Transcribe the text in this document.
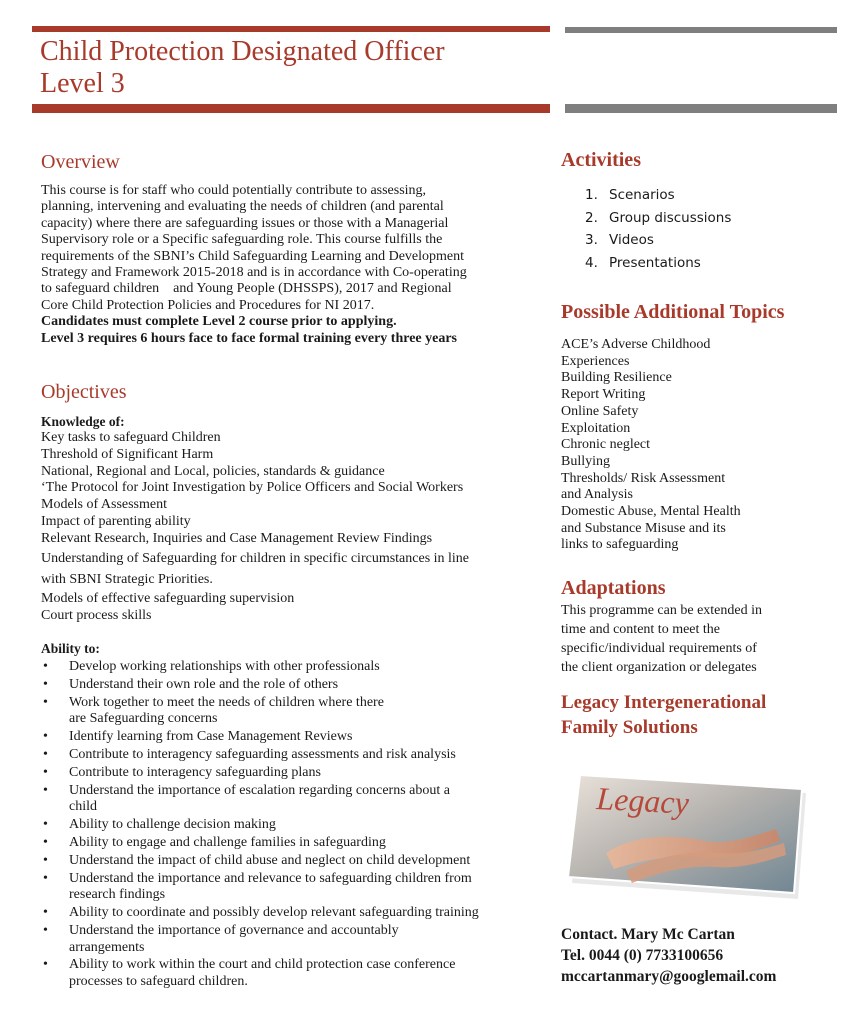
Child Protection Designated Officer
Level 3
Overview
This course is for staff who could potentially contribute to assessing,
planning, intervening and evaluating the needs of children (and parental
capacity) where there are safeguarding issues or those with a Managerial
Supervisory role or a Specific safeguarding role. This course fulfills the
requirements of the SBNI’s Child Safeguarding Learning and Development
Strategy and Framework 2015-2018 and is in accordance with Co-operating
to safeguard children    and Young People (DHSSPS), 2017 and Regional
Core Child Protection Policies and Procedures for NI 2017.
Candidates must complete Level 2 course prior to applying.
Level 3 requires 6 hours face to face formal training every three years
Objectives
Knowledge of:
Key tasks to safeguard Children
Threshold of Significant Harm
National, Regional and Local, policies, standards & guidance
‘The Protocol for Joint Investigation by Police Officers and Social Workers
Models of Assessment
Impact of parenting ability
Relevant Research, Inquiries and Case Management Review Findings
Understanding of Safeguarding for children in specific circumstances in line
with SBNI Strategic Priorities.
Models of effective safeguarding supervision
Court process skills
Ability to:
• Develop working relationships with other professionals
• Understand their own role and the role of others
• Work together to meet the needs of children where there
are Safeguarding concerns
• Identify learning from Case Management Reviews
• Contribute to interagency safeguarding assessments and risk analysis
• Contribute to interagency safeguarding plans
• Understand the importance of escalation regarding concerns about a
child
• Ability to challenge decision making
• Ability to engage and challenge families in safeguarding
• Understand the impact of child abuse and neglect on child development
• Understand the importance and relevance to safeguarding children from
research findings
• Ability to coordinate and possibly develop relevant safeguarding training
• Understand the importance of governance and accountably
arrangements
• Ability to work within the court and child protection case conference
processes to safeguard children.
Activities
1. Scenarios
2. Group discussions
3. Videos
4. Presentations
Possible Additional Topics
ACE’s Adverse Childhood
Experiences
Building Resilience
Report Writing
Online Safety
Exploitation
Chronic neglect
Bullying
Thresholds/ Risk Assessment
and Analysis
Domestic Abuse, Mental Health
and Substance Misuse and its
links to safeguarding
Adaptations
This programme can be extended in
time and content to meet the
specific/individual requirements of
the client organization or delegates
Legacy Intergenerational
Family Solutions
Legacy
Contact. Mary Mc Cartan
Tel. 0044 (0) 7733100656
mccartanmary@googlemail.com
